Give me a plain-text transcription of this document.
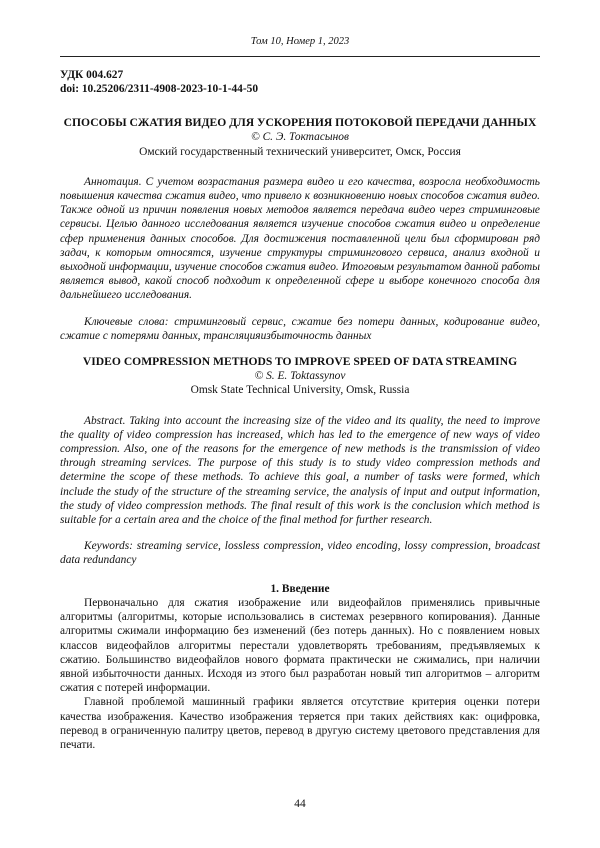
Том 10, Номер 1, 2023
УДК 004.627
doi: 10.25206/2311-4908-2023-10-1-44-50
СПОСОБЫ СЖАТИЯ ВИДЕО ДЛЯ УСКОРЕНИЯ ПОТОКОВОЙ ПЕРЕДАЧИ ДАННЫХ
© С. Э. Токтасынов
Омский государственный технический университет, Омск, Россия
Аннотация. С учетом возрастания размера видео и его качества, возросла необходимость повышения качества сжатия видео, что привело к возникновению новых способов сжатия видео. Также одной из причин появления новых методов является передача видео через стриминговые сервисы. Целью данного исследования является изучение способов сжатия видео и определение сфер применения данных способов. Для достижения поставленной цели был сформирован ряд задач, к которым относятся, изучение структуры стримингового сервиса, анализ входной и выходной информации, изучение способов сжатия видео. Итоговым результатом данной работы является вывод, какой способ подходит к определенной сфере и выборе конечного способа для дальнейшего исследования.
Ключевые слова: стриминговый сервис, сжатие без потери данных, кодирование видео, сжатие с потерями данных, трансляцияизбыточность данных
VIDEO COMPRESSION METHODS TO IMPROVE SPEED OF DATA STREAMING
© S. E. Toktassynov
Omsk State Technical University, Omsk, Russia
Abstract. Taking into account the increasing size of the video and its quality, the need to improve the quality of video compression has increased, which has led to the emergence of new ways of video compression. Also, one of the reasons for the emergence of new methods is the transmission of video through streaming services. The purpose of this study is to study video compression methods and determine the scope of these methods. To achieve this goal, a number of tasks were formed, which include the study of the structure of the streaming service, the analysis of input and output information, the study of video compression methods. The final result of this work is the conclusion which method is suitable for a certain area and the choice of the final method for further research.
Keywords: streaming service, lossless compression, video encoding, lossy compression, broadcast data redundancy
1. Введение
Первоначально для сжатия изображение или видеофайлов применялись привычные алгоритмы (алгоритмы, которые использовались в системах резервного копирования). Данные алгоритмы сжимали информацию без изменений (без потерь данных). Но с появлением новых классов видеофайлов алгоритмы перестали удовлетворять требованиям, предъявляемых к сжатию. Большинство видеофайлов нового формата практически не сжимались, при наличии явной избыточности данных. Исходя из этого был разработан новый тип алгоритмов – алгоритм сжатия с потерей информации.
Главной проблемой машинный графики является отсутствие критерия оценки потери качества изображения. Качество изображения теряется при таких действиях как: оцифровка, перевод в ограниченную палитру цветов, перевод в другую систему цветового представления для печати.
44
